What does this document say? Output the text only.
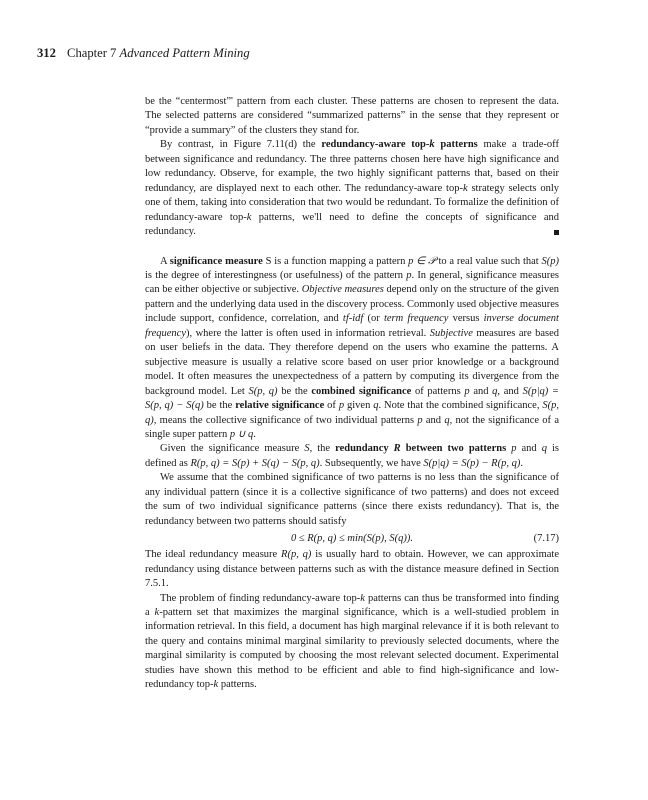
312 Chapter 7 Advanced Pattern Mining

be the “centermost”' pattern from each cluster. These patterns are chosen to represent the data. The selected patterns are considered “summarized patterns” in the sense that they represent or “provide a summary” of the clusters they stand for.

By contrast, in Figure 7.11(d) the redundancy-aware top-k patterns make a trade-off between significance and redundancy. The three patterns chosen here have high significance and low redundancy. Observe, for example, the two highly significant patterns that, based on their redundancy, are displayed next to each other. The redundancy-aware top-k strategy selects only one of them, taking into consideration that two would be redundant. To formalize the definition of redundancy-aware top-k patterns, we'll need to define the concepts of significance and redundancy.

A significance measure S is a function mapping a pattern p ∈ 𝒫 to a real value such that S(p) is the degree of interestingness (or usefulness) of the pattern p. In general, significance measures can be either objective or subjective. Objective measures depend only on the structure of the given pattern and the underlying data used in the discovery process. Commonly used objective measures include support, confidence, correlation, and tf-idf (or term frequency versus inverse document frequency), where the latter is often used in information retrieval. Subjective measures are based on user beliefs in the data. They therefore depend on the users who examine the patterns. A subjective measure is usually a relative score based on user prior knowledge or a background model. It often measures the unexpectedness of a pattern by computing its divergence from the background model. Let S(p, q) be the combined significance of patterns p and q, and S(p|q) = S(p, q) − S(q) be the relative significance of p given q. Note that the combined significance, S(p, q), means the collective significance of two individual patterns p and q, not the significance of a single super pattern p ∪ q.

Given the significance measure S, the redundancy R between two patterns p and q is defined as R(p, q) = S(p) + S(q) − S(p, q). Subsequently, we have S(p|q) = S(p) − R(p, q).

We assume that the combined significance of two patterns is no less than the significance of any individual pattern (since it is a collective significance of two patterns) and does not exceed the sum of two individual significance patterns (since there exists redundancy). That is, the redundancy between two patterns should satisfy

0 ≤ R(p, q) ≤ min(S(p), S(q)).	(7.17)

The ideal redundancy measure R(p, q) is usually hard to obtain. However, we can approximate redundancy using distance between patterns such as with the distance measure defined in Section 7.5.1.

The problem of finding redundancy-aware top-k patterns can thus be transformed into finding a k-pattern set that maximizes the marginal significance, which is a well-studied problem in information retrieval. In this field, a document has high marginal relevance if it is both relevant to the query and contains minimal marginal similarity to previously selected documents, where the marginal similarity is computed by choosing the most relevant selected document. Experimental studies have shown this method to be efficient and able to find high-significance and low-redundancy top-k patterns.
